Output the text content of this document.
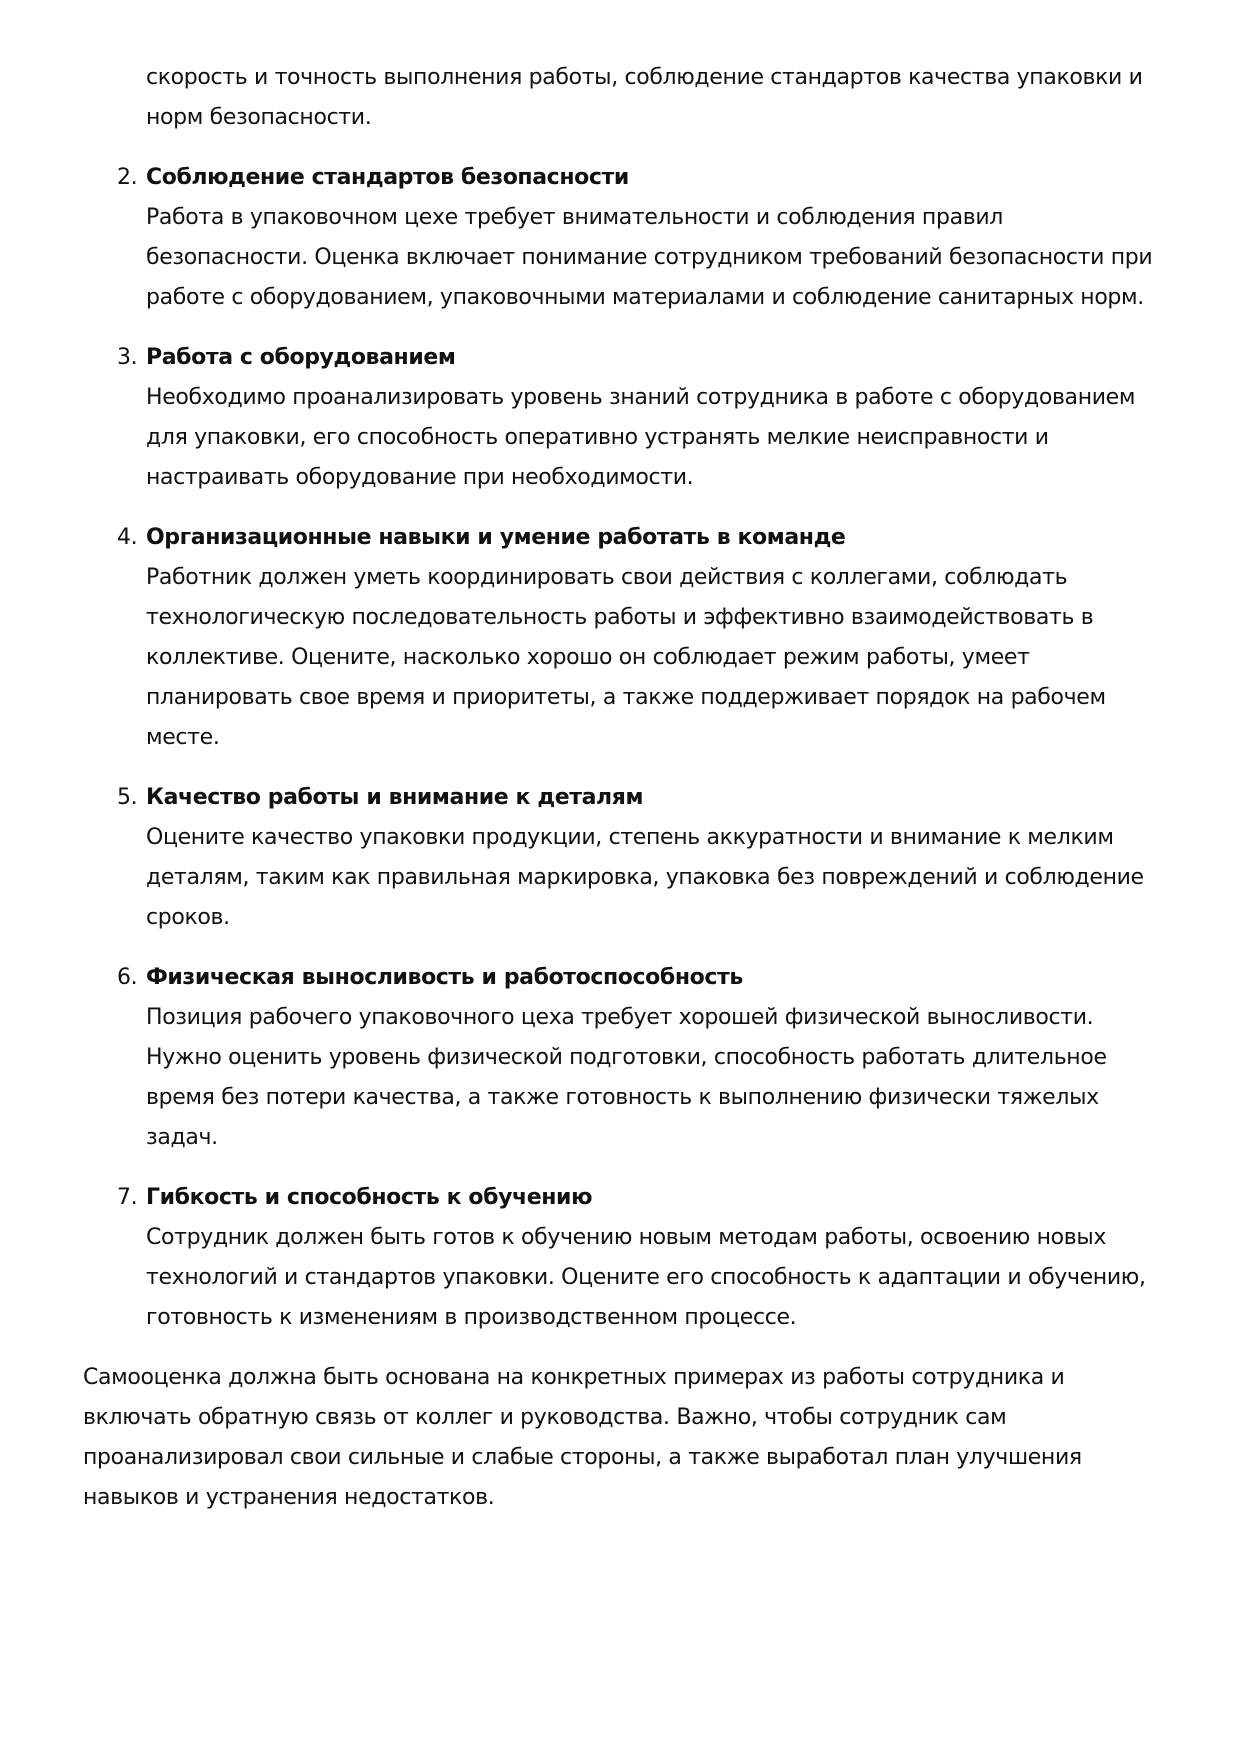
скорость и точность выполнения работы, соблюдение стандартов качества упаковки и норм безопасности.

2. Соблюдение стандартов безопасности
Работа в упаковочном цехе требует внимательности и соблюдения правил безопасности. Оценка включает понимание сотрудником требований безопасности при работе с оборудованием, упаковочными материалами и соблюдение санитарных норм.
3. Работа с оборудованием
Необходимо проанализировать уровень знаний сотрудника в работе с оборудованием для упаковки, его способность оперативно устранять мелкие неисправности и настраивать оборудование при необходимости.
4. Организационные навыки и умение работать в команде
Работник должен уметь координировать свои действия с коллегами, соблюдать технологическую последовательность работы и эффективно взаимодействовать в коллективе. Оцените, насколько хорошо он соблюдает режим работы, умеет планировать свое время и приоритеты, а также поддерживает порядок на рабочем месте.
5. Качество работы и внимание к деталям
Оцените качество упаковки продукции, степень аккуратности и внимание к мелким деталям, таким как правильная маркировка, упаковка без повреждений и соблюдение сроков.
6. Физическая выносливость и работоспособность
Позиция рабочего упаковочного цеха требует хорошей физической выносливости. Нужно оценить уровень физической подготовки, способность работать длительное время без потери качества, а также готовность к выполнению физически тяжелых задач.
7. Гибкость и способность к обучению
Сотрудник должен быть готов к обучению новым методам работы, освоению новых технологий и стандартов упаковки. Оцените его способность к адаптации и обучению, готовность к изменениям в производственном процессе.

Самооценка должна быть основана на конкретных примерах из работы сотрудника и включать обратную связь от коллег и руководства. Важно, чтобы сотрудник сам проанализировал свои сильные и слабые стороны, а также выработал план улучшения навыков и устранения недостатков.
